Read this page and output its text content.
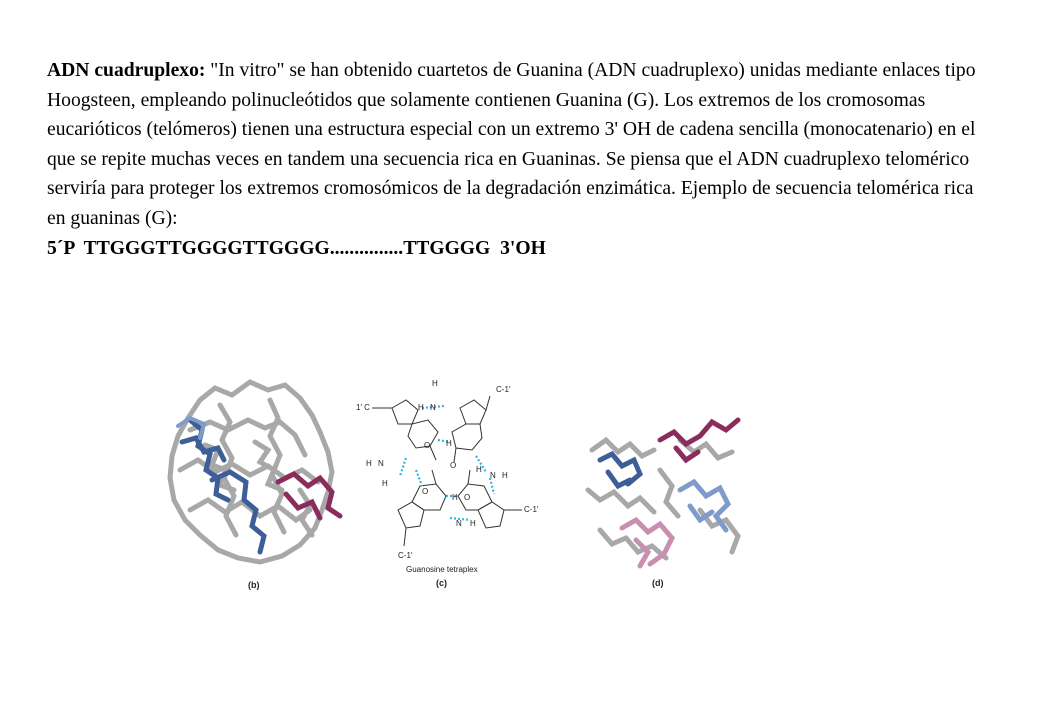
ADN cuadruplexo: "In vitro" se han obtenido cuartetos de Guanina (ADN cuadruplexo) unidas mediante enlaces tipo Hoogsteen, empleando polinucleótidos que solamente contienen Guanina (G). Los extremos de los cromosomas eucarióticos (telómeros) tienen una estructura especial con un extremo 3' OH de cadena sencilla (monocatenario) en el que se repite muchas veces en tandem una secuencia rica en Guaninas. Se piensa que el ADN cuadruplexo telomérico serviría para proteger los extremos cromosómicos de la degradación enzimática. Ejemplo de secuencia telomérica rica en guaninas (G):
5´P  TTGGGTTGGGGTTGGGG...............TTGGGG  3'OH
(b)
H
N
H
C-1′
1′ C
O H
O H
N H
H N
H
O
H O
N H
C-1′
C-1′
Guanosine tetraplex
(c)	(d)
